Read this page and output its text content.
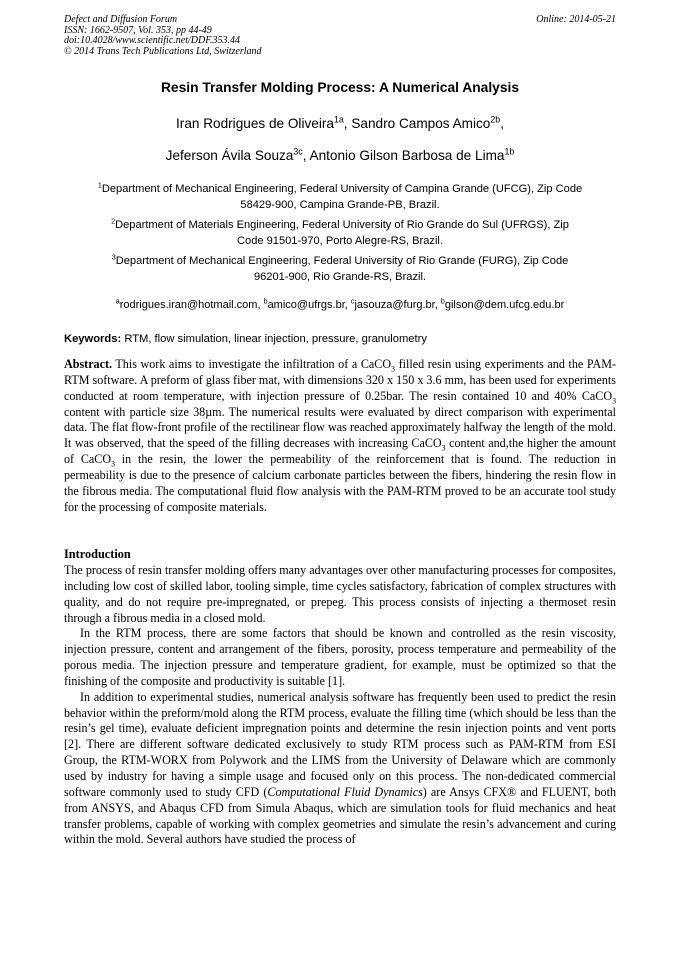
Defect and Diffusion Forum
ISSN: 1662-9507, Vol. 353, pp 44-49
doi:10.4028/www.scientific.net/DDF.353.44
© 2014 Trans Tech Publications Ltd, Switzerland
Online: 2014-05-21
Resin Transfer Molding Process: A Numerical Analysis
Iran Rodrigues de Oliveira$^{1a}$, Sandro Campos Amico$^{2b}$,
Jeferson Ávila Souza$^{3c}$, Antonio Gilson Barbosa de Lima$^{1b}$
$^1$Department of Mechanical Engineering, Federal University of Campina Grande (UFCG), Zip Code
58429-900, Campina Grande-PB, Brazil.
$^2$Department of Materials Engineering, Federal University of Rio Grande do Sul (UFRGS), Zip
Code 91501-970, Porto Alegre-RS, Brazil.
$^3$Department of Mechanical Engineering, Federal University of Rio Grande (FURG), Zip Code
96201-900, Rio Grande-RS, Brazil.
$^a$rodrigues.iran@hotmail.com, $^b$amico@ufrgs.br, $^c$jasouza@furg.br, $^b$gilson@dem.ufcg.edu.br
Keywords: RTM, flow simulation, linear injection, pressure, granulometry

Abstract. This work aims to investigate the infiltration of a CaCO$_3$ filled resin using experiments and the PAM-RTM software. A preform of glass fiber mat, with dimensions 320 x 150 x 3.6 mm, has been used for experiments conducted at room temperature, with injection pressure of 0.25bar. The resin contained 10 and 40% CaCO$_3$ content with particle size 38µm. The numerical results were evaluated by direct comparison with experimental data. The flat flow-front profile of the rectilinear flow was reached approximately halfway the length of the mold. It was observed, that the speed of the filling decreases with increasing CaCO$_3$ content and,the higher the amount of CaCO$_3$ in the resin, the lower the permeability of the reinforcement that is found. The reduction in permeability is due to the presence of calcium carbonate particles between the fibers, hindering the resin flow in the fibrous media. The computational fluid flow analysis with the PAM-RTM proved to be an accurate tool study for the processing of composite materials.

Introduction

The process of resin transfer molding offers many advantages over other manufacturing processes for composites, including low cost of skilled labor, tooling simple, time cycles satisfactory, fabrication of complex structures with quality, and do not require pre-impregnated, or prepeg. This process consists of injecting a thermoset resin through a fibrous media in a closed mold.

In the RTM process, there are some factors that should be known and controlled as the resin viscosity, injection pressure, content and arrangement of the fibers, porosity, process temperature and permeability of the porous media. The injection pressure and temperature gradient, for example, must be optimized so that the finishing of the composite and productivity is suitable [1].

In addition to experimental studies, numerical analysis software has frequently been used to predict the resin behavior within the preform/mold along the RTM process, evaluate the filling time (which should be less than the resin’s gel time), evaluate deficient impregnation points and determine the resin injection points and vent ports [2]. There are different software dedicated exclusively to study RTM process such as PAM-RTM from ESI Group, the RTM-WORX from Polywork and the LIMS from the University of Delaware which are commonly used by industry for having a simple usage and focused only on this process. The non-dedicated commercial software commonly used to study CFD (Computational Fluid Dynamics) are Ansys CFX® and FLUENT, both from ANSYS, and Abaqus CFD from Simula Abaqus, which are simulation tools for fluid mechanics and heat transfer problems, capable of working with complex geometries and simulate the resin’s advancement and curing within the mold. Several authors have studied the process of
